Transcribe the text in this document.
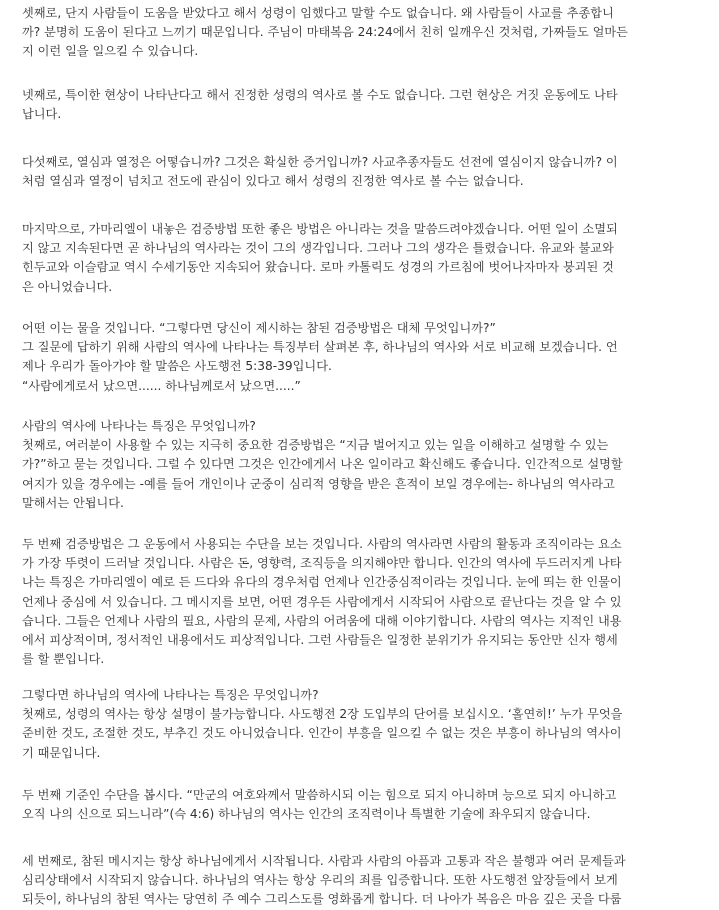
셋째로, 단지 사람들이 도움을 받았다고 해서 성령이 임했다고 말할 수도 없습니다. 왜 사람들이 사교를 추종합니
까? 분명히 도움이 된다고 느끼기 때문입니다. 주님이 마태복음 24:24에서 친히 일깨우신 것처럼, 가짜들도 얼마든
지 이런 일을 일으킬 수 있습니다.
넷째로, 특이한 현상이 나타난다고 해서 진정한 성령의 역사로 볼 수도 없습니다. 그런 현상은 거짓 운동에도 나타
납니다.
다섯째로, 열심과 열정은 어떻습니까? 그것은 확실한 증거입니까? 사교추종자들도 선전에 열심이지 않습니까? 이
처럼 열심과 열정이 넘치고 전도에 관심이 있다고 해서 성령의 진정한 역사로 볼 수는 없습니다.
마지막으로, 가마리엘이 내놓은 검증방법 또한 좋은 방법은 아니라는 것을 말씀드려야겠습니다. 어떤 일이 소멸되
지 않고 지속된다면 곧 하나님의 역사라는 것이 그의 생각입니다. 그러나 그의 생각은 틀렸습니다. 유교와 불교와
힌두교와 이슬람교 역시 수세기동안 지속되어 왔습니다. 로마 카톨릭도 성경의 가르침에 벗어나자마자 붕괴된 것
은 아니었습니다.
어떤 이는 물을 것입니다. “그렇다면 당신이 제시하는 참된 검증방법은 대체 무엇입니까?”
그 질문에 답하기 위해 사람의 역사에 나타나는 특징부터 살펴본 후, 하나님의 역사와 서로 비교해 보겠습니다. 언
제나 우리가 돌아가야 할 말씀은 사도행전 5:38-39입니다.
“사람에게로서 났으면...... 하나님께로서 났으면.....”
사람의 역사에 나타나는 특징은 무엇입니까?
첫째로, 여러분이 사용할 수 있는 지극히 중요한 검증방법은 “지금 벌어지고 있는 일을 이해하고 설명할 수 있는
가?”하고 묻는 것입니다. 그럴 수 있다면 그것은 인간에게서 나온 일이라고 확신해도 좋습니다. 인간적으로 설명할
여지가 있을 경우에는 -예를 들어 개인이나 군중이 심리적 영향을 받은 흔적이 보일 경우에는- 하나님의 역사라고
말해서는 안됩니다.
두 번째 검증방법은 그 운동에서 사용되는 수단을 보는 것입니다. 사람의 역사라면 사람의 활동과 조직이라는 요소
가 가장 뚜렷이 드러날 것입니다. 사람은 돈, 영향력, 조직등을 의지해야만 합니다. 인간의 역사에 두드러지게 나타
나는 특징은 가마리엘이 예로 든 드다와 유다의 경우처럼 언제나 인간중심적이라는 것입니다. 눈에 띄는 한 인물이
언제나 중심에 서 있습니다. 그 메시지를 보면, 어떤 경우든 사람에게서 시작되어 사람으로 끝난다는 것을 알 수 있
습니다. 그들은 언제나 사람의 필요, 사람의 문제, 사람의 어려움에 대해 이야기합니다. 사람의 역사는 지적인 내용
에서 피상적이며, 정서적인 내용에서도 피상적입니다. 그런 사람들은 일정한 분위기가 유지되는 동안만 신자 행세
를 할 뿐입니다.
그렇다면 하나님의 역사에 나타나는 특징은 무엇입니까?
첫째로, 성령의 역사는 항상 설명이 불가능합니다. 사도행전 2장 도입부의 단어를 보십시오. ‘홀연히!’ 누가 무엇을
준비한 것도, 조절한 것도, 부추긴 것도 아니었습니다. 인간이 부흥을 일으킬 수 없는 것은 부흥이 하나님의 역사이
기 때문입니다.
두 번째 기준인 수단을 봅시다. “만군의 여호와께서 말씀하시되 이는 힘으로 되지 아니하며 능으로 되지 아니하고
오직 나의 신으로 되느니라”(슥 4:6) 하나님의 역사는 인간의 조직력이나 특별한 기술에 좌우되지 않습니다.
세 번째로, 참된 메시지는 항상 하나님에게서 시작됩니다. 사람과 사람의 아픔과 고통과 작은 불행과 여러 문제들과
심리상태에서 시작되지 않습니다. 하나님의 역사는 항상 우리의 죄를 입증합니다. 또한 사도행전 앞장들에서 보게
되듯이, 하나님의 참된 역사는 당연히 주 예수 그리스도를 영화롭게 합니다. 더 나아가 복음은 마음 깊은 곳을 다룹
